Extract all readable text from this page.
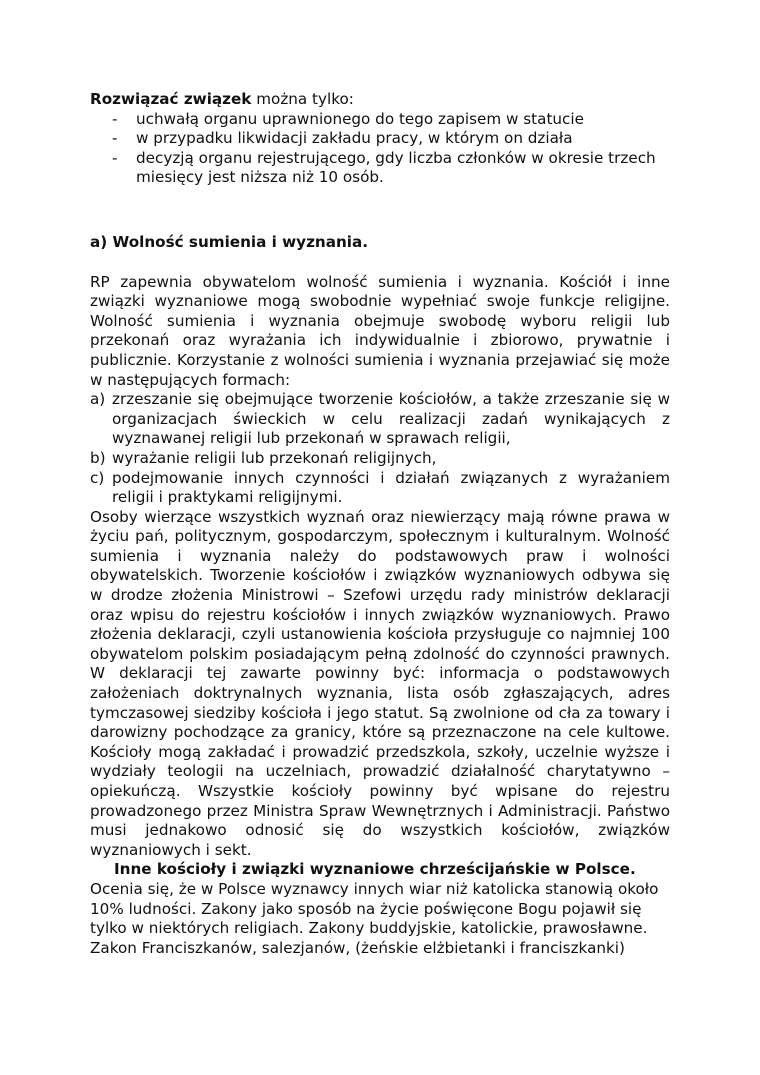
Rozwiązać związek można tylko:
- uchwałą organu uprawnionego do tego zapisem w statucie
- w przypadku likwidacji zakładu pracy, w którym on działa
- decyzją organu rejestrującego, gdy liczba członków w okresie trzech miesięcy jest niższa niż 10 osób.
a) Wolność sumienia i wyznania.

RP zapewnia obywatelom wolność sumienia i wyznania. Kościół i inne związki wyznaniowe mogą swobodnie wypełniać swoje funkcje religijne. Wolność sumienia i wyznania obejmuje swobodę wyboru religii lub przekonań oraz wyrażania ich indywidualnie i zbiorowo, prywatnie i publicznie. Korzystanie z wolności sumienia i wyznania przejawiać się może w następujących formach:

a) zrzeszanie się obejmujące tworzenie kościołów, a także zrzeszanie się w organizacjach świeckich w celu realizacji zadań wynikających z wyznawanej religii lub przekonań w sprawach religii,
b) wyrażanie religii lub przekonań religijnych,
c) podejmowanie innych czynności i działań związanych z wyrażaniem religii i praktykami religijnymi.

Osoby wierzące wszystkich wyznań oraz niewierzący mają równe prawa w życiu pań, politycznym, gospodarczym, społecznym i kulturalnym. Wolność sumienia i wyznania należy do podstawowych praw i wolności obywatelskich. Tworzenie kościołów i związków wyznaniowych odbywa się w drodze złożenia Ministrowi – Szefowi urzędu rady ministrów deklaracji oraz wpisu do rejestru kościołów i innych związków wyznaniowych. Prawo złożenia deklaracji, czyli ustanowienia kościoła przysługuje co najmniej 100 obywatelom polskim posiadającym pełną zdolność do czynności prawnych. W deklaracji tej zawarte powinny być: informacja o podstawowych założeniach doktrynalnych wyznania, lista osób zgłaszających, adres tymczasowej siedziby kościoła i jego statut. Są zwolnione od cła za towary i darowizny pochodzące za granicy, które są przeznaczone na cele kultowe. Kościoły mogą zakładać i prowadzić przedszkola, szkoły, uczelnie wyższe i wydziały teologii na uczelniach, prowadzić działalność charytatywno – opiekuńczą. Wszystkie kościoły powinny być wpisane do rejestru prowadzonego przez Ministra Spraw Wewnętrznych i Administracji. Państwo musi jednakowo odnosić się do wszystkich kościołów, związków wyznaniowych i sekt.

Inne kościoły i związki wyznaniowe chrześcijańskie w Polsce.

Ocenia się, że w Polsce wyznawcy innych wiar niż katolicka stanowią około 10% ludności. Zakony jako sposób na życie poświęcone Bogu pojawił się tylko w niektórych religiach. Zakony buddyjskie, katolickie, prawosławne. Zakon Franciszkanów, salezjanów, (żeńskie elżbietanki i franciszkanki)
